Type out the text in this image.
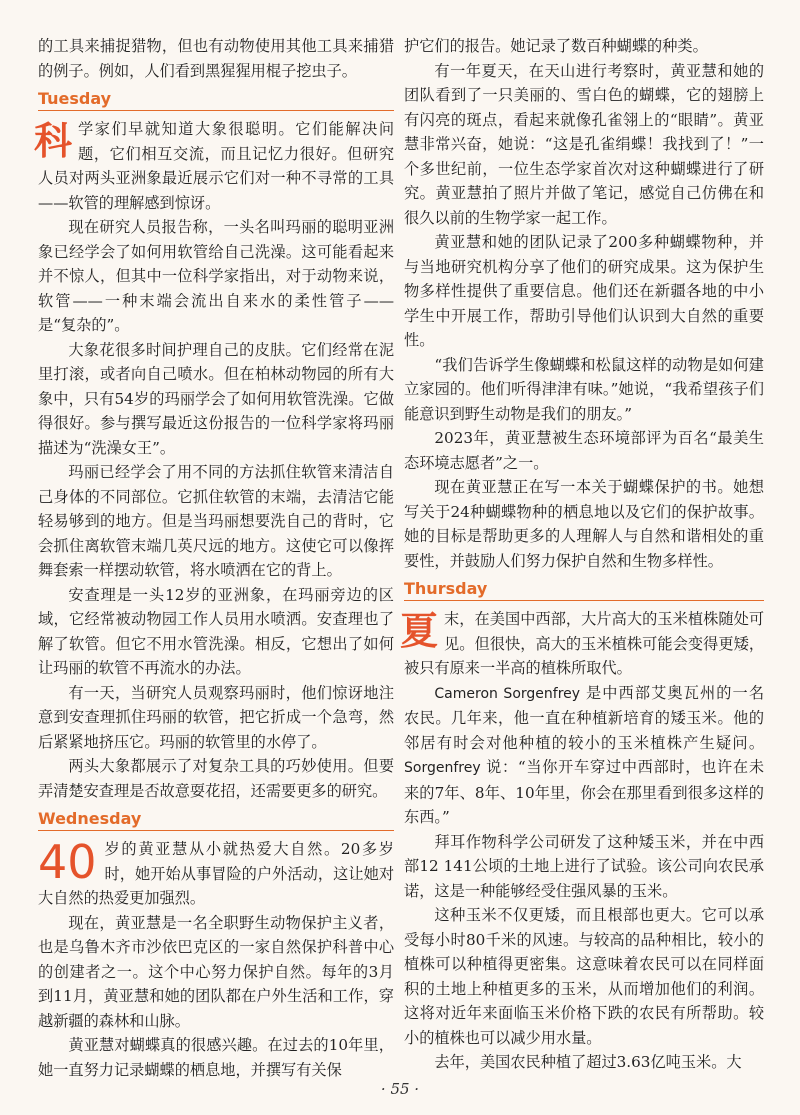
的工具来捕捉猎物，但也有动物使用其他工具来捕猎的例子。例如，人们看到黑猩猩用棍子挖虫子。

Tuesday

科学家们早就知道大象很聪明。它们能解决问题，它们相互交流，而且记忆力很好。但研究人员对两头亚洲象最近展示它们对一种不寻常的工具——软管的理解感到惊讶。

现在研究人员报告称，一头名叫玛丽的聪明亚洲象已经学会了如何用软管给自己洗澡。这可能看起来并不惊人，但其中一位科学家指出，对于动物来说，软管——一种末端会流出自来水的柔性管子——是“复杂的”。

大象花很多时间护理自己的皮肤。它们经常在泥里打滚，或者向自己喷水。但在柏林动物园的所有大象中，只有54岁的玛丽学会了如何用软管洗澡。它做得很好。参与撰写最近这份报告的一位科学家将玛丽描述为“洗澡女王”。

玛丽已经学会了用不同的方法抓住软管来清洁自己身体的不同部位。它抓住软管的末端，去清洁它能轻易够到的地方。但是当玛丽想要洗自己的背时，它会抓住离软管末端几英尺远的地方。这使它可以像挥舞套索一样摆动软管，将水喷洒在它的背上。

安查理是一头12岁的亚洲象，在玛丽旁边的区域，它经常被动物园工作人员用水喷洒。安查理也了解了软管。但它不用水管洗澡。相反，它想出了如何让玛丽的软管不再流水的办法。

有一天，当研究人员观察玛丽时，他们惊讶地注意到安查理抓住玛丽的软管，把它折成一个急弯，然后紧紧地挤压它。玛丽的软管里的水停了。

两头大象都展示了对复杂工具的巧妙使用。但要弄清楚安查理是否故意耍花招，还需要更多的研究。

Wednesday

40 岁的黄亚慧从小就热爱大自然。20多岁时，她开始从事冒险的户外活动，这让她对大自然的热爱更加强烈。

现在，黄亚慧是一名全职野生动物保护主义者，也是乌鲁木齐市沙依巴克区的一家自然保护科普中心的创建者之一。这个中心努力保护自然。每年的3月到11月，黄亚慧和她的团队都在户外生活和工作，穿越新疆的森林和山脉。

黄亚慧对蝴蝶真的很感兴趣。在过去的10年里，她一直努力记录蝴蝶的栖息地，并撰写有关保

护它们的报告。她记录了数百种蝴蝶的种类。

有一年夏天，在天山进行考察时，黄亚慧和她的团队看到了一只美丽的、雪白色的蝴蝶，它的翅膀上有闪亮的斑点，看起来就像孔雀翎上的“眼睛”。黄亚慧非常兴奋，她说：“这是孔雀绢蝶！我找到了！”一个多世纪前，一位生态学家首次对这种蝴蝶进行了研究。黄亚慧拍了照片并做了笔记，感觉自己仿佛在和很久以前的生物学家一起工作。

黄亚慧和她的团队记录了200多种蝴蝶物种，并与当地研究机构分享了他们的研究成果。这为保护生物多样性提供了重要信息。他们还在新疆各地的中小学生中开展工作，帮助引导他们认识到大自然的重要性。

“我们告诉学生像蝴蝶和松鼠这样的动物是如何建立家园的。他们听得津津有味。”她说，“我希望孩子们能意识到野生动物是我们的朋友。”

2023年，黄亚慧被生态环境部评为百名“最美生态环境志愿者”之一。

现在黄亚慧正在写一本关于蝴蝶保护的书。她想写关于24种蝴蝶物种的栖息地以及它们的保护故事。她的目标是帮助更多的人理解人与自然和谐相处的重要性，并鼓励人们努力保护自然和生物多样性。

Thursday

夏末，在美国中西部，大片高大的玉米植株随处可见。但很快，高大的玉米植株可能会变得更矮，被只有原来一半高的植株所取代。

Cameron Sorgenfrey 是中西部艾奥瓦州的一名农民。几年来，他一直在种植新培育的矮玉米。他的邻居有时会对他种植的较小的玉米植株产生疑问。Sorgenfrey 说：“当你开车穿过中西部时，也许在未来的7年、8年、10年里，你会在那里看到很多这样的东西。”

拜耳作物科学公司研发了这种矮玉米，并在中西部12 141公顷的土地上进行了试验。该公司向农民承诺，这是一种能够经受住强风暴的玉米。

这种玉米不仅更矮，而且根部也更大。它可以承受每小时80千米的风速。与较高的品种相比，较小的植株可以种植得更密集。这意味着农民可以在同样面积的土地上种植更多的玉米，从而增加他们的利润。这将对近年来面临玉米价格下跌的农民有所帮助。较小的植株也可以减少用水量。

去年，美国农民种植了超过3.63亿吨玉米。大

· 55 ·
